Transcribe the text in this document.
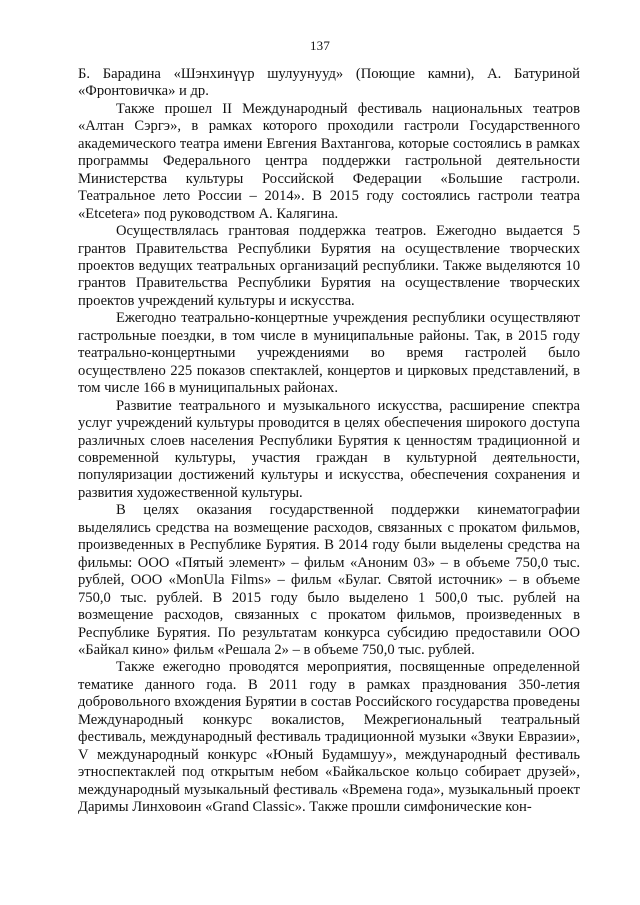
137

Б. Барадина «Шэнхинүүр шулуунууд» (Поющие камни), А. Батуриной «Фронтовичка» и др.

Также прошел II Международный фестиваль национальных театров «Алтан Сэргэ», в рамках которого проходили гастроли Государственного академического театра имени Евгения Вахтангова, которые состоялись в рамках программы Федерального центра поддержки гастрольной деятельности Министерства культуры Российской Федерации «Большие гастроли. Театральное лето России – 2014». В 2015 году состоялись гастроли театра «Etcetera» под руководством А. Калягина.

Осуществлялась грантовая поддержка театров. Ежегодно выдается 5 грантов Правительства Республики Бурятия на осуществление творческих проектов ведущих театральных организаций республики. Также выделяются 10 грантов Правительства Республики Бурятия на осуществление творческих проектов учреждений культуры и искусства.

Ежегодно театрально-концертные учреждения республики осуществляют гастрольные поездки, в том числе в муниципальные районы. Так, в 2015 году театрально-концертными учреждениями во время гастролей было осуществлено 225 показов спектаклей, концертов и цирковых представлений, в том числе 166 в муниципальных районах.

Развитие театрального и музыкального искусства, расширение спектра услуг учреждений культуры проводится в целях обеспечения широкого доступа различных слоев населения Республики Бурятия к ценностям традиционной и современной культуры, участия граждан в культурной деятельности, популяризации достижений культуры и искусства, обеспечения сохранения и развития художественной культуры.

В целях оказания государственной поддержки кинематографии выделялись средства на возмещение расходов, связанных с прокатом фильмов, произведенных в Республике Бурятия. В 2014 году были выделены средства на фильмы: ООО «Пятый элемент» – фильм «Аноним 03» – в объеме 750,0 тыс. рублей, ООО «MonUla Films» – фильм «Булаг. Святой источник» – в объеме 750,0 тыс. рублей. В 2015 году было выделено 1 500,0 тыс. рублей на возмещение расходов, связанных с прокатом фильмов, произведенных в Республике Бурятия. По результатам конкурса субсидию предоставили ООО «Байкал кино» фильм «Решала 2» – в объеме 750,0 тыс. рублей.

Также ежегодно проводятся мероприятия, посвященные определенной тематике данного года. В 2011 году в рамках празднования 350-летия добровольного вхождения Бурятии в состав Российского государства проведены Международный конкурс вокалистов, Межрегиональный театральный фестиваль, международный фестиваль традиционной музыки «Звуки Евразии», V международный конкурс «Юный Будамшуу», международный фестиваль этноспектаклей под открытым небом «Байкальское кольцо собирает друзей», международный музыкальный фестиваль «Времена года», музыкальный проект Даримы Линховоин «Grand Classic». Также прошли симфонические кон-
